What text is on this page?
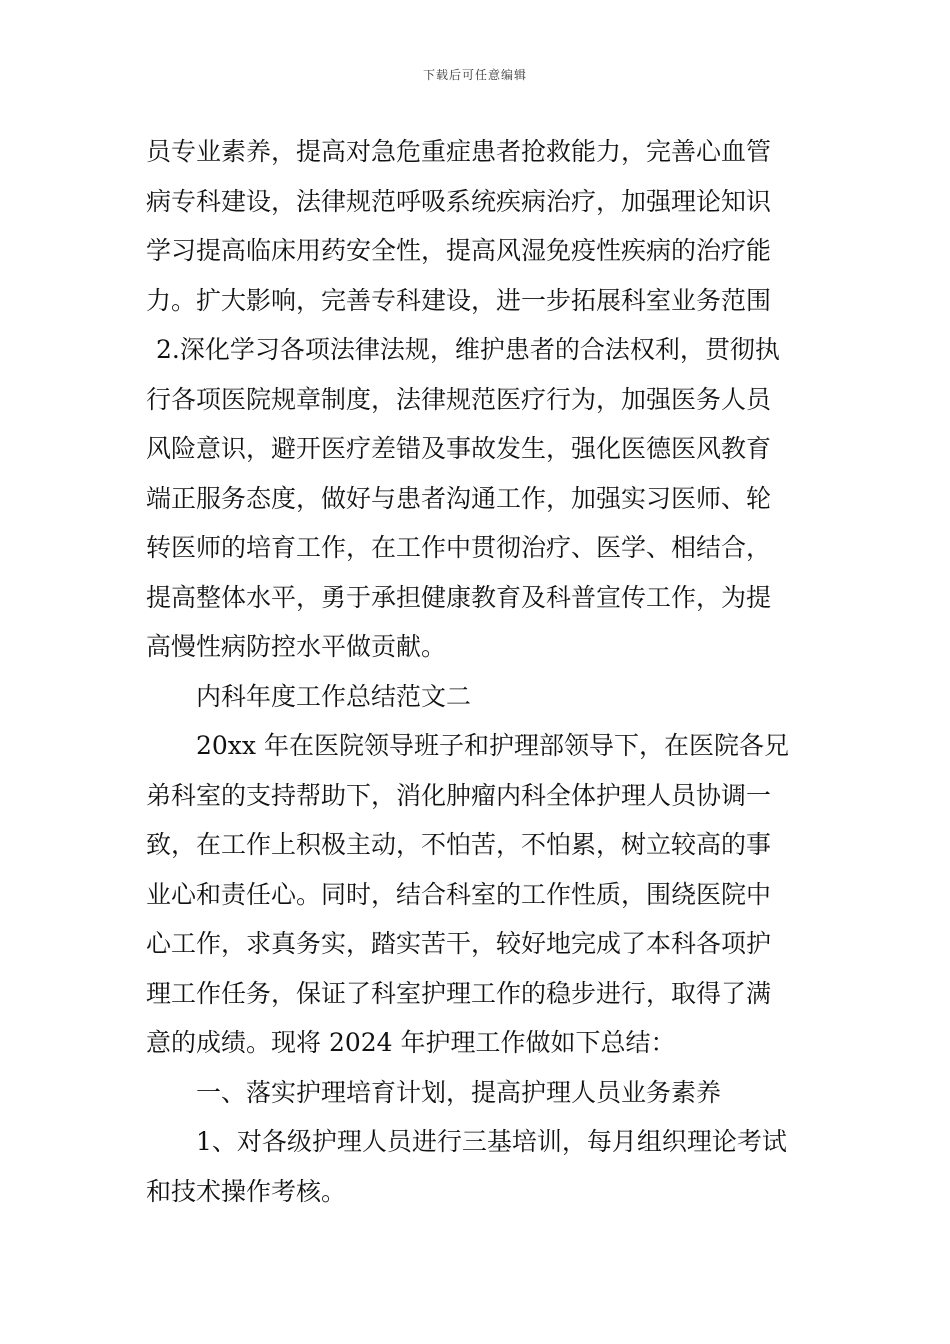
下载后可任意编辑
员专业素养，提高对急危重症患者抢救能力，完善心血管
病专科建设，法律规范呼吸系统疾病治疗，加强理论知识
学习提高临床用药安全性，提高风湿免疫性疾病的治疗能
力。扩大影响，完善专科建设，进一步拓展科室业务范围
2.深化学习各项法律法规，维护患者的合法权利，贯彻执
行各项医院规章制度，法律规范医疗行为，加强医务人员
风险意识，避开医疗差错及事故发生，强化医德医风教育
端正服务态度，做好与患者沟通工作，加强实习医师、轮
转医师的培育工作，在工作中贯彻治疗、医学、相结合，
提高整体水平，勇于承担健康教育及科普宣传工作，为提
高慢性病防控水平做贡献。
内科年度工作总结范文二
20xx 年在医院领导班子和护理部领导下，在医院各兄
弟科室的支持帮助下，消化肿瘤内科全体护理人员协调一
致，在工作上积极主动，不怕苦，不怕累，树立较高的事
业心和责任心。同时，结合科室的工作性质，围绕医院中
心工作，求真务实，踏实苦干，较好地完成了本科各项护
理工作任务，保证了科室护理工作的稳步进行，取得了满
意的成绩。现将 2024 年护理工作做如下总结：
一、落实护理培育计划，提高护理人员业务素养
1、对各级护理人员进行三基培训，每月组织理论考试
和技术操作考核。
